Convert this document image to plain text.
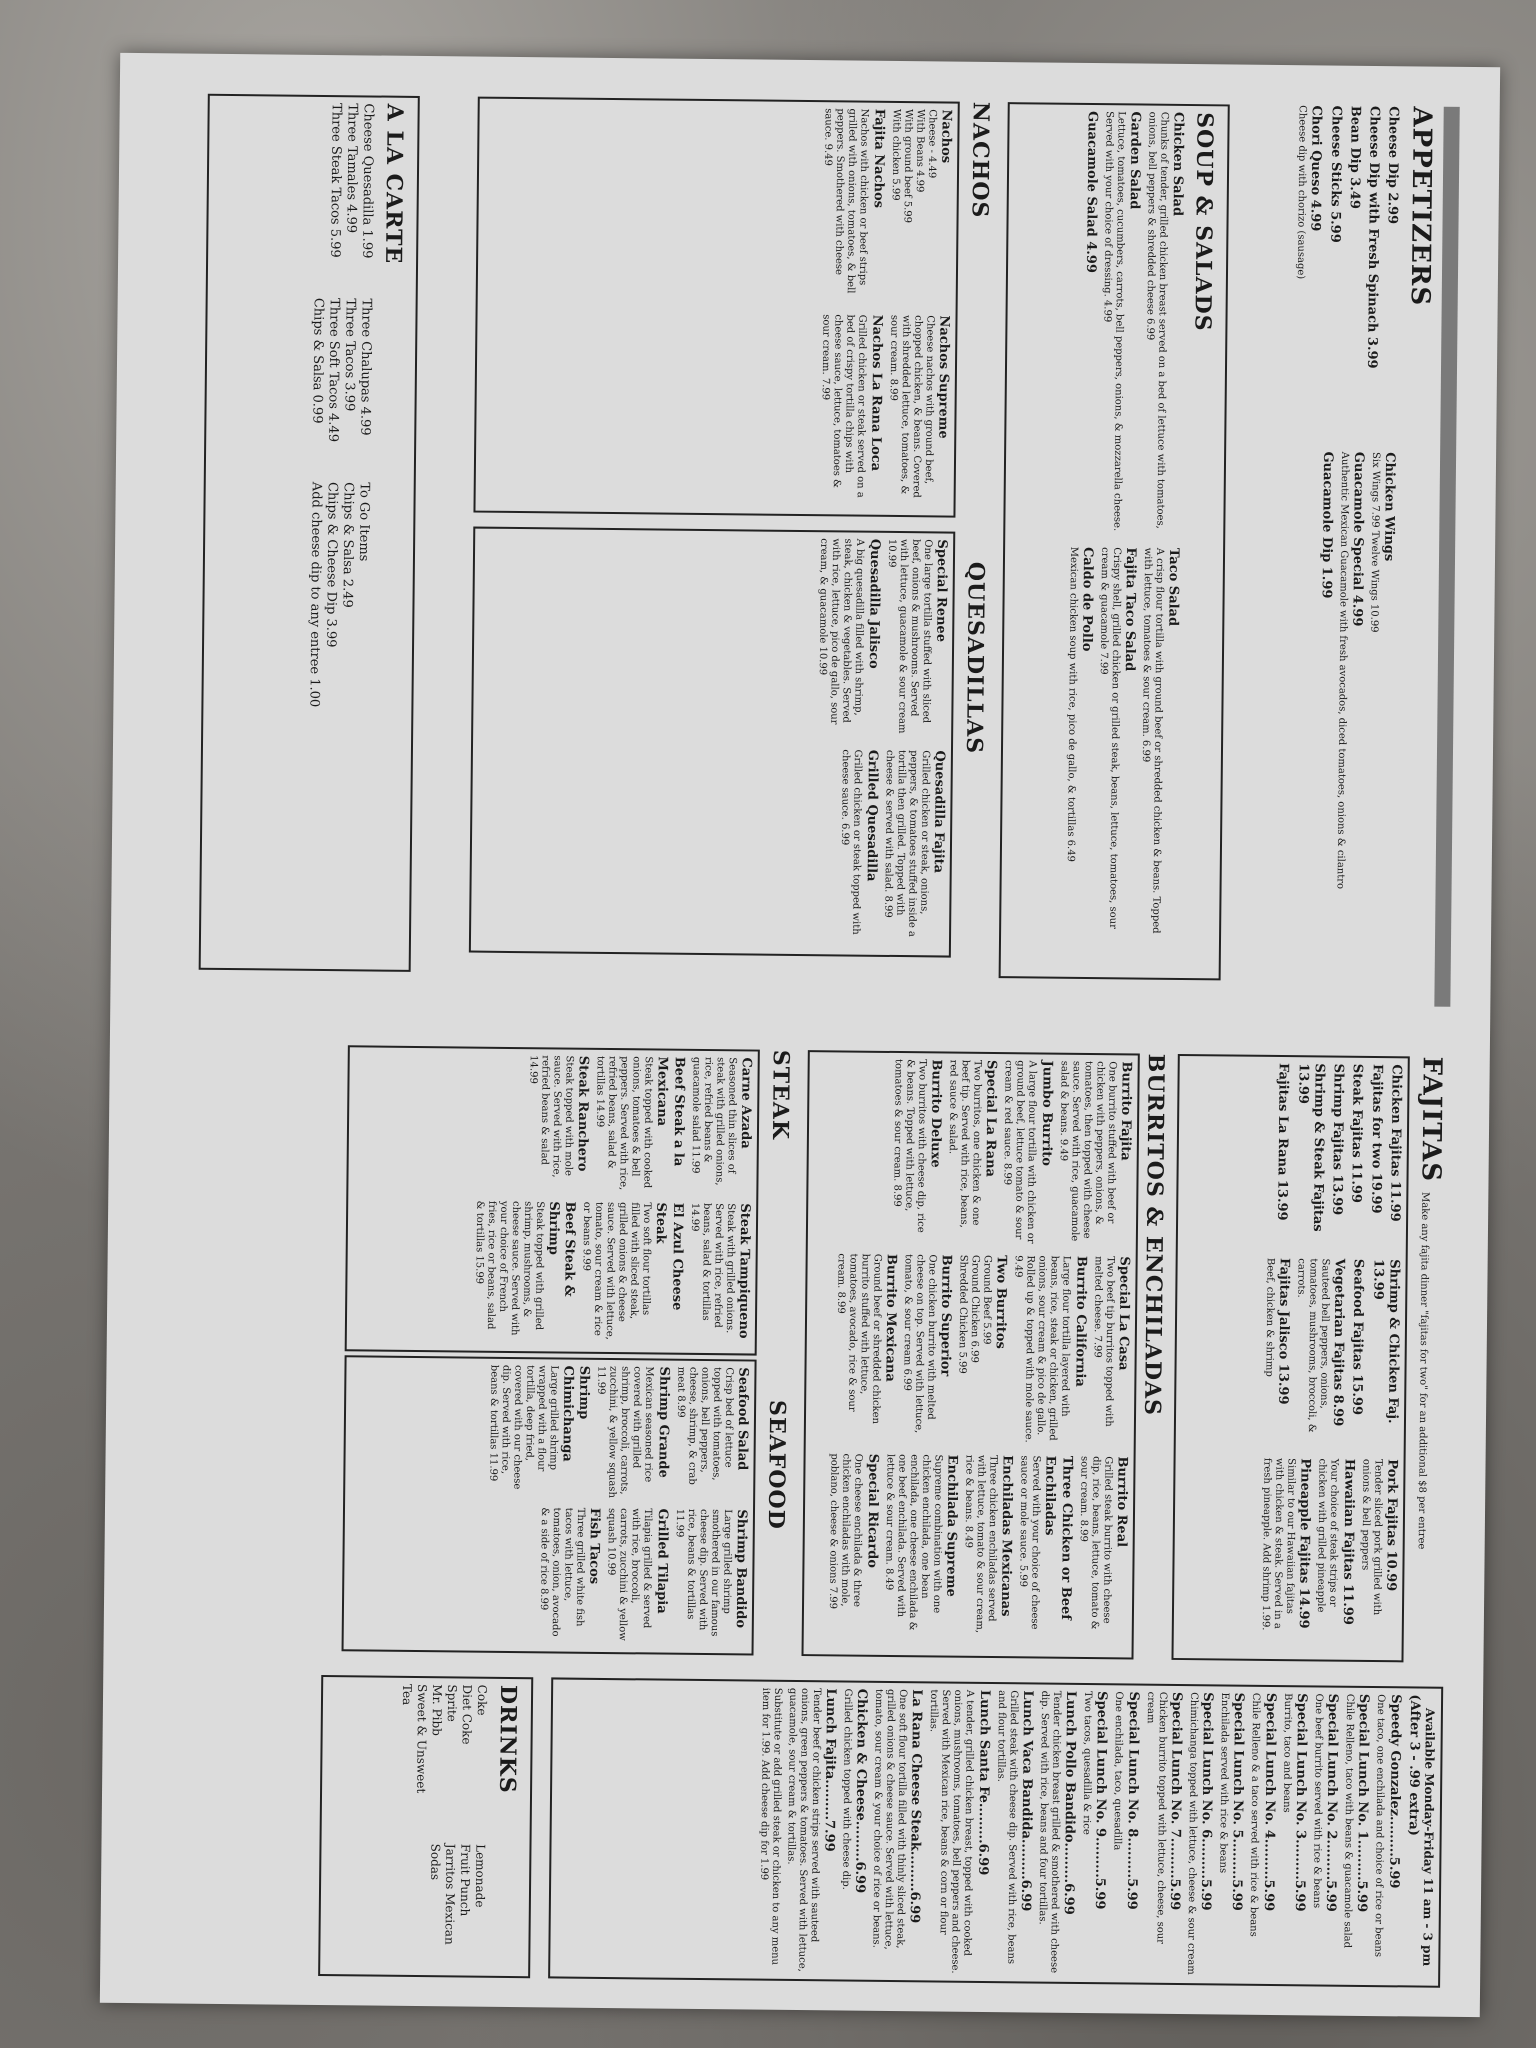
APPETIZERS
Cheese Dip 2.99
Cheese Dip with Fresh Spinach 3.99
Bean Dip 3.49
Cheese Sticks 5.99
Chori Queso 4.99
Cheese dip with chorizo (sausage)
Chicken Wings
Six Wings 7.99 Twelve Wings 10.99
Guacamole Special 4.99
Authentic Mexican Guacamole with fresh avocados, diced tomatoes, onions & cilantro
Guacamole Dip 1.99
SOUP & SALADS
Chicken Salad
Chunks of tender, grilled chicken breast served on a bed of lettuce with tomatoes, onions, bell peppers & shredded cheese 6.99
Garden Salad
Lettuce, tomatoes, cucumbers, carrots, bell peppers, onions, & mozzarella cheese. Served with your choice of dressing. 4.99
Guacamole Salad 4.99
Taco Salad
A crisp flour tortilla with ground beef or shredded chicken & beans. Topped with lettuce, tomatoes & sour cream. 6.99
Fajita Taco Salad
Crispy shell, grilled chicken or grilled steak, beans, lettuce, tomatoes, sour cream & guacamole 7.99
Caldo de Pollo
Mexican chicken soup with rice, pico de gallo, & tortillas 6.49
NACHOS
QUESADILLAS
Nachos
Cheese - 4.49
With Beans 4.99
With ground beef 5.99
With chicken 5.99
Nachos Supreme
Cheese nachos with ground beef, chopped chicken, & beans. Covered with shredded lettuce, tomatoes, & sour cream. 8.99
Fajita Nachos
Nachos with chicken or beef strips grilled with onions, tomatoes, & bell peppers. Smothered with cheese sauce. 9.49
Nachos La Rana Loca
Grilled chicken or steak served on a bed of crispy tortilla chips with cheese sauce, lettuce, tomatoes & sour cream. 7.99
Special Renee
One large tortilla stuffed with sliced beef, onions & mushrooms. Served with lettuce, guacamole & sour cream 10.99
Quesadilla Fajita
Grilled chicken or steak, onions, peppers, & tomatoes stuffed inside a tortilla then grilled. Topped with cheese & served with salad. 8.99
Quesadilla Jalisco
A big quesadilla filled with shrimp, steak, chicken & vegetables. Served with rice, lettuce, pico de gallo, sour cream, & guacamole 10.99
Grilled Quesadilla
Grilled chicken or steak topped with cheese sauce. 6.99
A LA CARTE
Cheese Quesadilla 1.99
Three Tamales 4.99
Three Steak Tacos 5.99
Three Chalupas 4.99
Three Tacos 3.99
Three Soft Tacos 4.49
Chips & Salsa 0.99
To Go Items
Chips & Salsa 2.49
Chips & Cheese Dip 3.99
Add cheese dip to any entree 1.00
FAJITAS
Make any fajita dinner "fajitas for two" for an additional $8 per entree
Chicken Fajitas 11.99
Fajitas for two 19.99
Steak Fajitas 11.99
Shrimp Fajitas 13.99
Shrimp & Steak Fajitas 13.99
Fajitas La Rana 13.99
Shrimp & Chicken Faj. 13.99
Seafood Fajitas 15.99
Vegetarian Fajitas 8.99
Sauteed bell peppers, onions, tomatoes, mushrooms, broccoli, & carrots.
Fajitas Jalisco 13.99
Beef, chicken & shrimp
Pork Fajitas 10.99
Tender sliced pork grilled with onions & bell peppers
Hawaiian Fajitas 11.99
Your choice of steak strips or chicken with grilled pineapple
Pineapple Fajitas 14.99
Similar to our Hawaiian fajitas with chicken & steak. Served in a fresh pineapple. Add shrimp 1.99.
BURRITOS & ENCHILADAS
Burrito Fajita
One burrito stuffed with beef or chicken with peppers, onions, & tomatoes, then topped with cheese sauce. Served with rice, guacamole salad & beans. 9.49
Jumbo Burrito
A large flour tortilla with chicken or ground beef, lettuce tomato & sour cream & red sauce. 8.99
Special La Rana
Two burritos, one chicken & one beef tip. Served with rice, beans, red sauce & salad.
Burrito Deluxe
Two burritos with cheese dip, rice & beans. Topped with lettuce, tomatoes & sour cream. 8.99
Special La Casa
Two beef tip burritos topped with melted cheese. 7.99
Burrito California
Large flour tortilla layered with beans, rice, steak or chicken, grilled onions, sour cream & pico de gallo. Rolled up & topped with mole sauce. 9.49
Two Burritos
Ground Beef 5.99
Ground Chicken 6.99
Shredded Chicken 5.99
Burrito Superior
One chicken burrito with melted cheese on top. Served with lettuce, tomato, & sour cream 6.99
Burrito Mexicana
Ground beef or shredded chicken burrito stuffed with lettuce, tomatoes, avocado, rice & sour cream. 8.99
Burrito Real
Grilled steak burrito with cheese dip, rice, beans, lettuce, tomato & sour cream. 8.99
Three Chicken or Beef Enchiladas
Served with your choice of cheese sauce or mole sauce. 5.99
Enchiladas Mexicanas
Three chicken enchiladas served with lettuce, tomato & sour cream, rice & beans. 8.49
Enchilada Supreme
Supreme combination with one chicken enchilada, one bean enchilada, one cheese enchilada & one beef enchilada. Served with lettuce & sour cream. 8.49
Special Ricardo
One cheese enchilada & three chicken enchiladas with mole, poblano, cheese & onions 7.99
STEAK
SEAFOOD
Carne Azada
Seasoned thin slices of steak with grilled onions, rice, refried beans & guacamole salad 11.99
Beef Steak a la Mexicana
Steak topped with cooked onions, tomatoes & bell peppers. Served with rice, refried beans, salad & tortillas 14.99
Steak Ranchero
Steak topped with mole sauce. Served with rice, refried beans & salad 14.99
Steak Tampiqueno
Steak with grilled onions. Served with rice, refried beans, salad & tortillas 14.99
El Azul Cheese Steak
Two soft flour tortillas filled with sliced steak, grilled onions & cheese sauce. Served with lettuce, tomato, sour cream & rice or beans 9.99
Beef Steak & Shrimp
Steak topped with grilled shrimp, mushrooms, & cheese sauce. Served with your choice of French fries, rice or beans, salad & tortillas 15.99
Seafood Salad
Crisp bed of lettuce topped with tomatoes, onions, bell peppers, cheese, shrimp, & crab meat 8.99
Shrimp Grande
Mexican seasoned rice covered with grilled shrimp, broccoli, carrots, zucchini, & yellow squash 11.99
Shrimp Chimichanga
Large grilled shrimp wrapped with a flour tortilla, deep fried, covered with our cheese dip. Served with rice, beans & tortillas 11.99
Shrimp Bandido
Large grilled shrimp smothered in our famous cheese dip. Served with rice, beans & tortillas 11.99
Grilled Tilapia
Tilapia grilled & served with rice, broccoli, carrots, zucchini & yellow squash 10.99
Fish Tacos
Three grilled white fish tacos with lettuce, tomatoes, onion, avocado & a side of rice 8.99
Available Monday-Friday 11 am - 3 pm
(After 3 - .99 extra)
Speedy Gonzalez.........5.99
One taco, one enchilada and choice of rice or beans
Special Lunch No. 1.........5.99
Chile Relleno, taco with beans & guacamole salad
Special Lunch No. 2.........5.99
One beef burrito served with rice & beans
Special Lunch No. 3.........5.99
Burrito, taco and beans
Special Lunch No. 4.........5.99
Chile Relleno & a taco served with rice & beans
Special Lunch No. 5.........5.99
Enchilada served with rice & beans
Special Lunch No. 6.........5.99
Chimichanga topped with lettuce, cheese & sour cream
Special Lunch No. 7.........5.99
Chicken burrito topped with lettuce, cheese, sour cream
Special Lunch No. 8.........5.99
One enchilada, taco, quesadilla
Special Lunch No. 9.........5.99
Two tacos, quesadilla & rice
Lunch Pollo Bandido.........6.99
Tender chicken breast grilled & smothered with cheese dip. Served with rice, beans and four tortillas.
Lunch Vaca Bandida.........6.99
Grilled steak with cheese dip. Served with rice, beans and flour tortillas.
Lunch Santa Fe.........6.99
A tender, grilled chicken breast, topped with cooked onions, mushrooms, tomatoes, bell peppers and cheese. Served with Mexican rice, beans & corn or flour tortillas.
La Rana Cheese Steak.........6.99
One soft flour tortilla filled with thinly sliced steak, grilled onions & cheese sauce. Served with lettuce, tomato, sour cream & your choice of rice or beans.
Chicken & Cheese.........6.99
Grilled chicken topped with cheese dip.
Lunch Fajita.........7.99
Tender beef or chicken strips served with sauteed onions, green peppers & tomatoes. Served with lettuce, guacamole, sour cream & tortillas.
Substitute or add grilled steak or chicken to any menu item for 1.99. Add cheese dip for 1.99
DRINKS
Coke
Diet Coke
Sprite
Mr. Pibb
Sweet & Unsweet Tea
Lemonade
Fruit Punch
Jarritos Mexican Sodas
